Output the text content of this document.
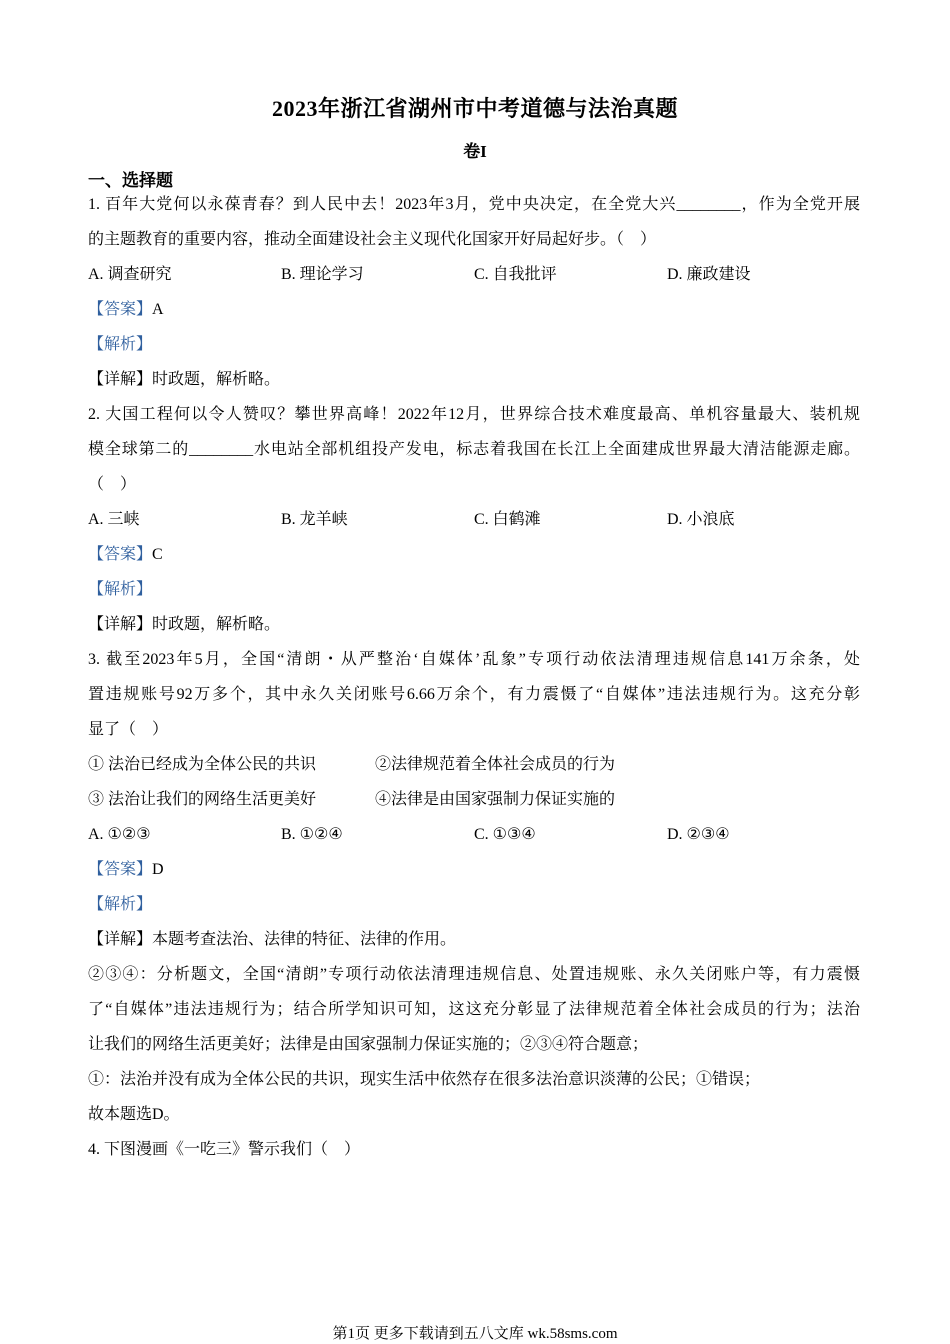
2023年浙江省湖州市中考道德与法治真题
卷I
一、选择题
1. 百年大党何以永葆青春？到人民中去！2023年3月，党中央决定，在全党大兴________，作为全党开展
的主题教育的重要内容，推动全面建设社会主义现代化国家开好局起好步。（　）
A. 调查研究	B. 理论学习	C. 自我批评	D. 廉政建设
【答案】A
【解析】
【详解】时政题，解析略。
2. 大国工程何以令人赞叹？攀世界高峰！2022年12月，世界综合技术难度最高、单机容量最大、装机规
模全球第二的________水电站全部机组投产发电，标志着我国在长江上全面建成世界最大清洁能源走廊。
（　）
A. 三峡	B. 龙羊峡	C. 白鹤滩	D. 小浪底
【答案】C
【解析】
【详解】时政题，解析略。
3. 截至2023年5月，全国“清朗・从严整治‘自媒体’乱象”专项行动依法清理违规信息141万余条，处
置违规账号92万多个，其中永久关闭账号6.66万余个，有力震慑了“自媒体”违法违规行为。这充分彰
显了（　）
① 法治已经成为全体公民的共识	②法律规范着全体社会成员的行为
③ 法治让我们的网络生活更美好	④法律是由国家强制力保证实施的
A. ①②③	B. ①②④	C. ①③④	D. ②③④
【答案】D
【解析】
【详解】本题考查法治、法律的特征、法律的作用。
②③④：分析题文，全国“清朗”专项行动依法清理违规信息、处置违规账、永久关闭账户等，有力震慑
了“自媒体”违法违规行为；结合所学知识可知，这这充分彰显了法律规范着全体社会成员的行为；法治
让我们的网络生活更美好；法律是由国家强制力保证实施的；②③④符合题意；
①：法治并没有成为全体公民的共识，现实生活中依然存在很多法治意识淡薄的公民；①错误；
故本题选D。
4. 下图漫画《一吃三》警示我们（　）
第1页 更多下载请到五八文库 wk.58sms.com
